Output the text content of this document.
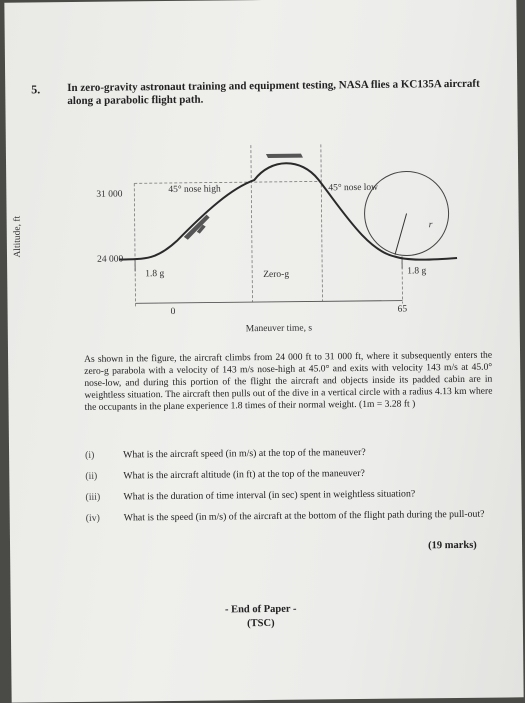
5. In zero-gravity astronaut training and equipment testing, NASA flies a KC135A aircraft along a parabolic flight path.
Altitude, ft
31 000
24 000
45° nose high	45° nose low
1.8 g	Zero-g	1.8 g
r
0	65
Maneuver time, s
As shown in the figure, the aircraft climbs from 24 000 ft to 31 000 ft, where it subsequently enters the zero-g parabola with a velocity of 143 m/s nose-high at 45.0° and exits with velocity 143 m/s at 45.0° nose-low, and during this portion of the flight the aircraft and objects inside its padded cabin are in weightless situation. The aircraft then pulls out of the dive in a vertical circle with a radius 4.13 km where the occupants in the plane experience 1.8 times of their normal weight. (1m = 3.28 ft )
(i)	What is the aircraft speed (in m/s) at the top of the maneuver?
(ii)	What is the aircraft altitude (in ft) at the top of the maneuver?
(iii) What is the duration of time interval (in sec) spent in weightless situation?
(iv) What is the speed (in m/s) of the aircraft at the bottom of the flight path during the pull-out?
(19 marks)
- End of Paper -
(TSC)
